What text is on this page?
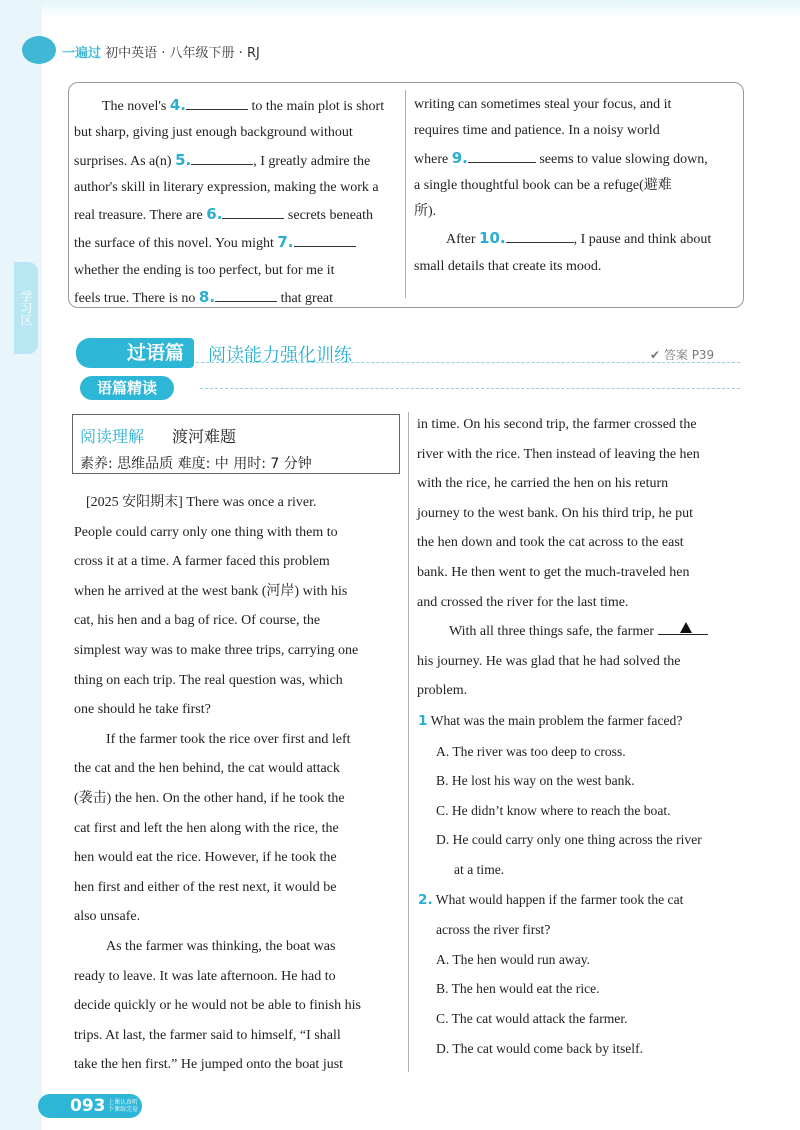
学习区
一遍过 初中英语 · 八年级下册 · RJ
The novel's 4.	to the main plot is short
but sharp, giving just enough background without
surprises. As a(n) 5.	, I greatly admire the
author's skill in literary expression, making the work a
real treasure. There are 6.	secrets beneath
the surface of this novel. You might 7.
whether the ending is too perfect, but for me it
feels true. There is no 8.	that great
writing can sometimes steal your focus, and it
requires time and patience. In a noisy world
where 9.	seems to value slowing down,
a single thoughtful book can be a refuge(避难
所).
After 10.	, I pause and think about
small details that create its mood.
过语篇	阅读能力强化训练	✔ 答案 P39
语篇精读
阅读理解 渡河难题
素养: 思维品质 难度: 中 用时: 7 分钟
[2025 安阳期末] There was once a river.
People could carry only one thing with them to
cross it at a time. A farmer faced this problem
when he arrived at the west bank (河岸) with his
cat, his hen and a bag of rice. Of course, the
simplest way was to make three trips, carrying one
thing on each trip. The real question was, which
one should he take first?
If the farmer took the rice over first and left
the cat and the hen behind, the cat would attack
(袭击) the hen. On the other hand, if he took the
cat first and left the hen along with the rice, the
hen would eat the rice. However, if he took the
hen first and either of the rest next, it would be
also unsafe.
As the farmer was thinking, the boat was
ready to leave. It was late afternoon. He had to
decide quickly or he would not be able to finish his
trips. At last, the farmer said to himself, “I shall
take the hen first.” He jumped onto the boat just
in time. On his second trip, the farmer crossed the
river with the rice. Then instead of leaving the hen
with the rice, he carried the hen on his return
journey to the west bank. On his third trip, he put
the hen down and took the cat across to the east
bank. He then went to get the much-traveled hen
and crossed the river for the last time.
With all three things safe, the farmer
his journey. He was glad that he had solved the
problem.
1 What was the main problem the farmer faced?
A. The river was too deep to cross.
B. He lost his way on the west bank.
C. He didn’t know where to reach the boat.
D. He could carry only one thing across the river
at a time.
2. What would happen if the farmer took the cat
across the river first?
A. The hen would run away.
B. The hen would eat the rice.
C. The cat would attack the farmer.
D. The cat would come back by itself.
093 上课认真听 下课练完卷
